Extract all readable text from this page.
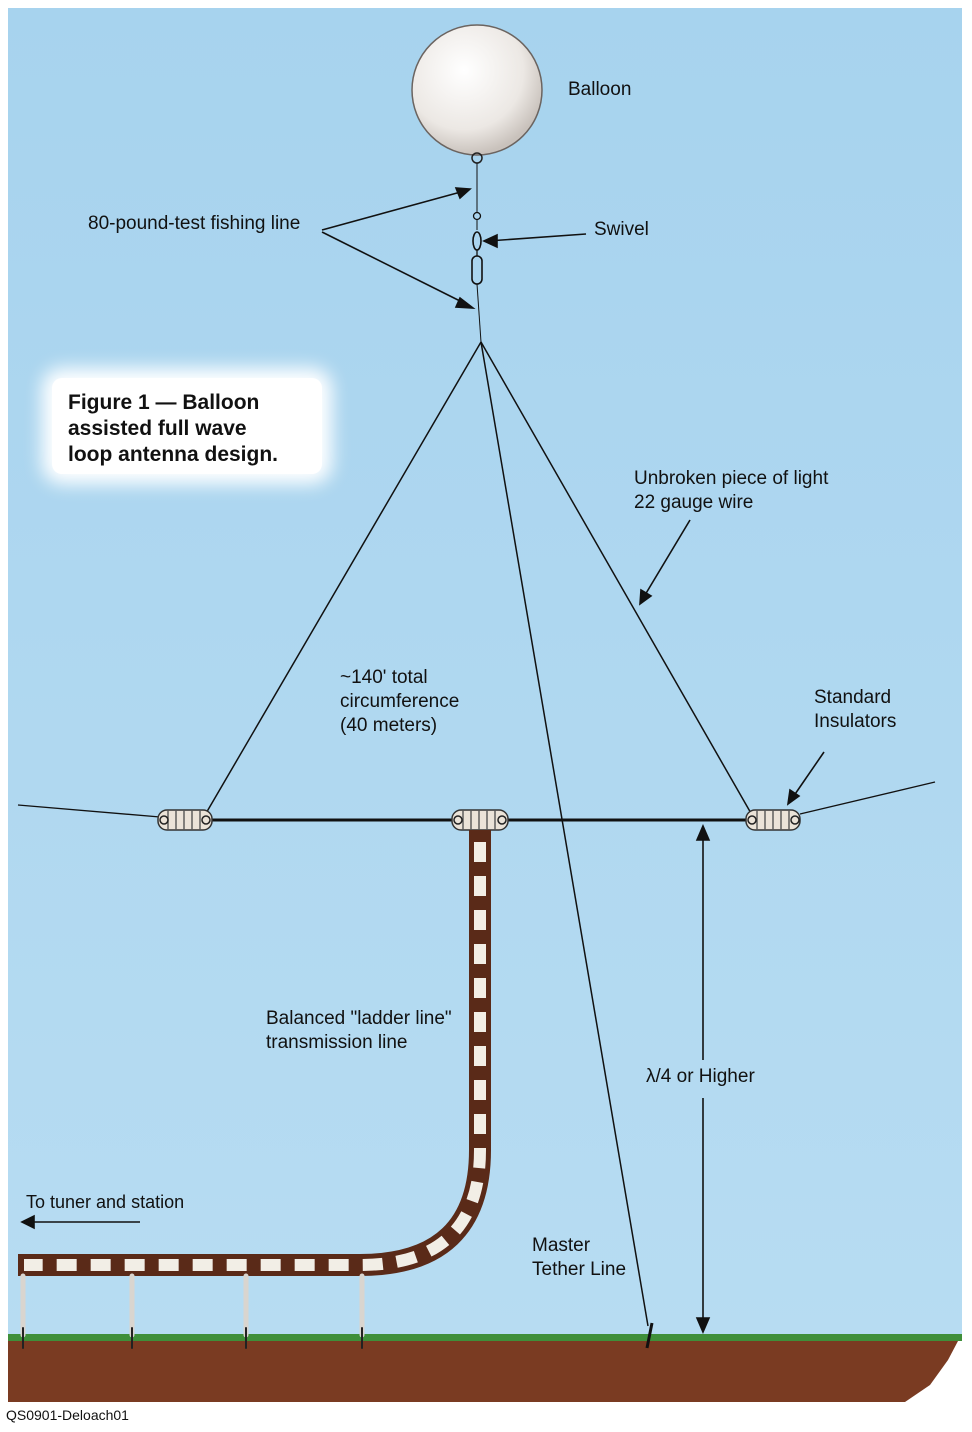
Figure 1 — Balloon
assisted full wave
loop antenna design.
Balloon
80-pound-test fishing line	Swivel
Unbroken piece of light
22 gauge wire
~140' total
circumference
(40 meters)
Standard
Insulators
Balanced "ladder line"
transmission line
λ/4 or Higher
To tuner and station
Master
Tether Line
QS0901-Deloach01
